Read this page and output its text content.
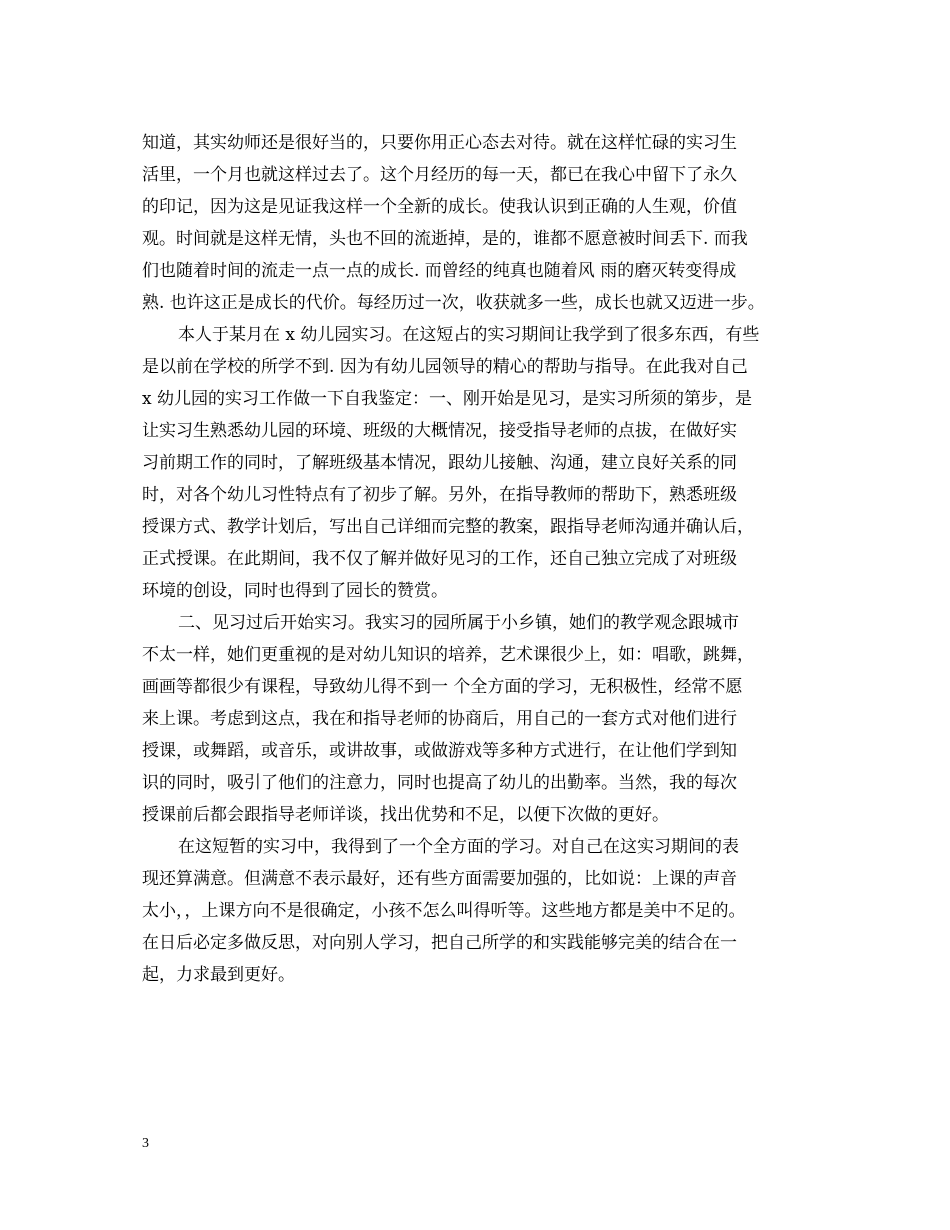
知道，其实幼师还是很好当的，只要你用正心态去对待。就在这样忙碌的实习生
活里，一个月也就这样过去了。这个月经历的每一天，都已在我心中留下了永久
的印记，因为这是见证我这样一个全新的成长。使我认识到正确的人生观，价值
观。时间就是这样无情，头也不回的流逝掉，是的，谁都不愿意被时间丢下. 而我
们也随着时间的流走一点一点的成长. 而曾经的纯真也随着风 雨的磨灭转变得成
熟. 也许这正是成长的代价。每经历过一次，收获就多一些，成长也就又迈进一步。
本人于某月在 x 幼儿园实习。在这短占的实习期间让我学到了很多东西，有些
是以前在学校的所学不到. 因为有幼儿园领导的精心的帮助与指导。在此我对自己
x 幼儿园的实习工作做一下自我鉴定：一、刚开始是见习，是实习所须的第步，是
让实习生熟悉幼儿园的环境、班级的大概情况，接受指导老师的点拔，在做好实
习前期工作的同时，了解班级基本情况，跟幼儿接触、沟通，建立良好关系的同
时，对各个幼儿习性特点有了初步了解。另外，在指导教师的帮助下，熟悉班级
授课方式、教学计划后，写出自己详细而完整的教案，跟指导老师沟通并确认后，
正式授课。在此期间，我不仅了解并做好见习的工作，还自己独立完成了对班级
环境的创设，同时也得到了园长的赞赏。
二、见习过后开始实习。我实习的园所属于小乡镇，她们的教学观念跟城市
不太一样，她们更重视的是对幼儿知识的培养，艺术课很少上，如：唱歌，跳舞，
画画等都很少有课程，导致幼儿得不到一 个全方面的学习，无积极性，经常不愿
来上课。考虑到这点，我在和指导老师的协商后，用自己的一套方式对他们进行
授课，或舞蹈，或音乐，或讲故事，或做游戏等多种方式进行，在让他们学到知
识的同时，吸引了他们的注意力，同时也提高了幼儿的出勤率。当然，我的每次
授课前后都会跟指导老师详谈，找出优势和不足，以便下次做的更好。
在这短暂的实习中，我得到了一个全方面的学习。对自己在这实习期间的表
现还算满意。但满意不表示最好，还有些方面需要加强的，比如说：上课的声音
太小，，上课方向不是很确定，小孩不怎么叫得听等。这些地方都是美中不足的。
在日后必定多做反思，对向别人学习，把自己所学的和实践能够完美的结合在一
起，力求最到更好。
3
